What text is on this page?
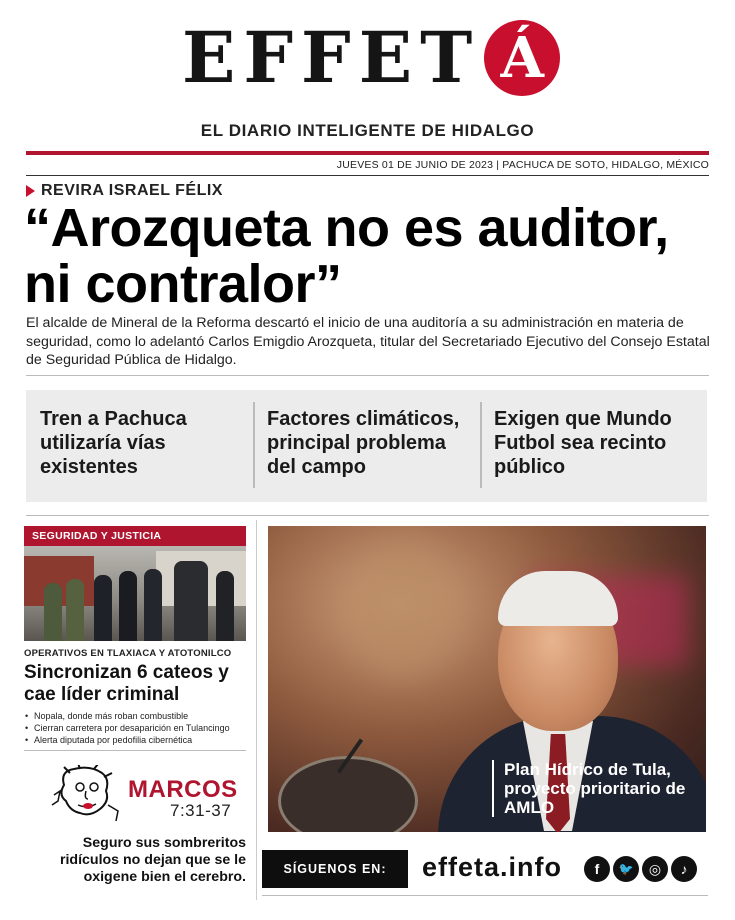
EFFET Á
EL DIARIO INTELIGENTE DE HIDALGO
JUEVES 01 DE JUNIO DE 2023 | PACHUCA DE SOTO, HIDALGO, MÉXICO
REVIRA ISRAEL FÉLIX
“Arozqueta no es auditor, ni contralor”

El alcalde de Mineral de la Reforma descartó el inicio de una auditoría a su administración en materia de seguridad, como lo adelantó Carlos Emigdio Arozqueta, titular del Secretariado Ejecutivo del Consejo Estatal de Seguridad Pública de Hidalgo.

Tren a Pachuca utilizaría vías existentes
Factores climáticos, principal problema del campo
Exigen que Mundo Futbol sea recinto público
SEGURIDAD Y JUSTICIA
OPERATIVOS EN TLAXIACA Y ATOTONILCO
Sincronizan 6 cateos y cae líder criminal
• Nopala, donde más roban combustible
• Cierran carretera por desaparición en Tulancingo
• Alerta diputada por pedofilia cibernética
MARCOS
7:31-37
Seguro sus sombreritos ridículos no dejan que se le oxigene bien el cerebro.
Plan Hídrico de Tula, proyecto prioritario de AMLO
SÍGUENOS EN:	effeta.info	f	🐦	◎	♪
